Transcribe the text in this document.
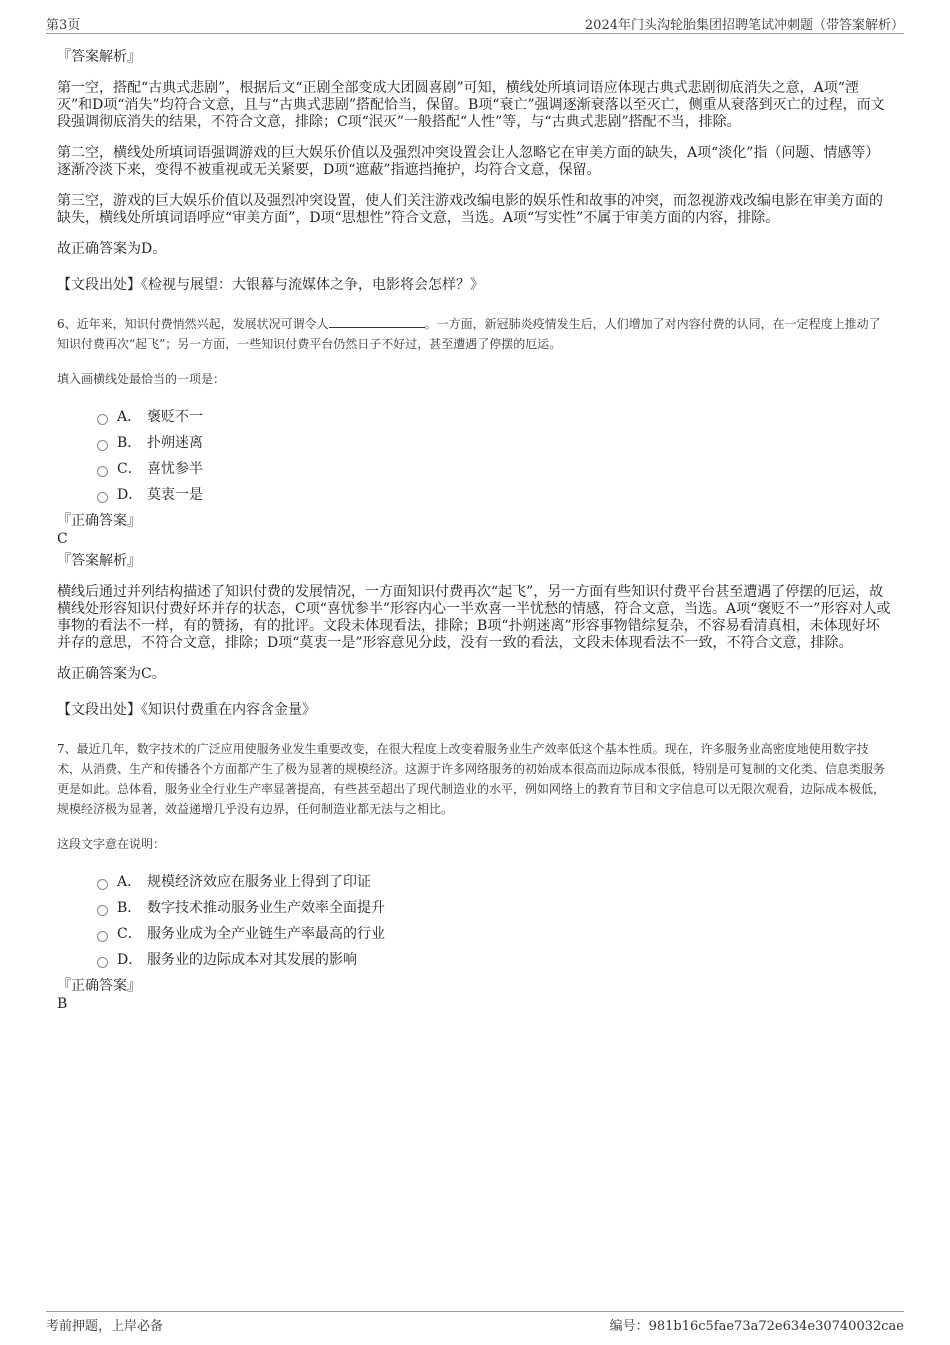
第3页	2024年门头沟轮胎集团招聘笔试冲刺题（带答案解析）
『答案解析』
第一空，搭配“古典式悲剧”，根据后文“正剧全部变成大团圆喜剧”可知，横线处所填词语应体现古典式悲剧彻底消失之意，A项“湮灭”和D项“消失”均符合文意，且与“古典式悲剧”搭配恰当，保留。B项“衰亡”强调逐渐衰落以至灭亡，侧重从衰落到灭亡的过程，而文段强调彻底消失的结果，不符合文意，排除；C项“泯灭”一般搭配“人性”等，与“古典式悲剧”搭配不当，排除。
第二空，横线处所填词语强调游戏的巨大娱乐价值以及强烈冲突设置会让人忽略它在审美方面的缺失，A项“淡化”指（问题、情感等）逐渐冷淡下来，变得不被重视或无关紧要，D项“遮蔽”指遮挡掩护，均符合文意，保留。
第三空，游戏的巨大娱乐价值以及强烈冲突设置，使人们关注游戏改编电影的娱乐性和故事的冲突，而忽视游戏改编电影在审美方面的缺失，横线处所填词语呼应“审美方面”，D项“思想性”符合文意，当选。A项“写实性”不属于审美方面的内容，排除。
故正确答案为D。
【文段出处】《检视与展望：大银幕与流媒体之争，电影将会怎样？》
6、近年来，知识付费悄然兴起，发展状况可谓令人	。一方面，新冠肺炎疫情发生后，人们增加了对内容付费的认同，在一定程度上推动了知识付费再次“起飞”；另一方面，一些知识付费平台仍然日子不好过，甚至遭遇了停摆的厄运。
填入画横线处最恰当的一项是：
A． 褒贬不一
B． 扑朔迷离
C． 喜忧参半
D． 莫衷一是
『正确答案』
C
『答案解析』
横线后通过并列结构描述了知识付费的发展情况，一方面知识付费再次“起飞”，另一方面有些知识付费平台甚至遭遇了停摆的厄运，故横线处形容知识付费好坏并存的状态，C项“喜忧参半”形容内心一半欢喜一半忧愁的情感，符合文意，当选。A项“褒贬不一”形容对人或事物的看法不一样，有的赞扬，有的批评。文段未体现看法，排除；B项“扑朔迷离”形容事物错综复杂，不容易看清真相，未体现好坏并存的意思，不符合文意，排除；D项“莫衷一是”形容意见分歧，没有一致的看法，文段未体现看法不一致，不符合文意，排除。
故正确答案为C。
【文段出处】《知识付费重在内容含金量》
7、最近几年，数字技术的广泛应用使服务业发生重要改变，在很大程度上改变着服务业生产效率低这个基本性质。现在，许多服务业高密度地使用数字技术，从消费、生产和传播各个方面都产生了极为显著的规模经济。这源于许多网络服务的初始成本很高而边际成本很低，特别是可复制的文化类、信息类服务更是如此。总体看，服务业全行业生产率显著提高，有些甚至超出了现代制造业的水平，例如网络上的教育节目和文字信息可以无限次观看，边际成本极低，规模经济极为显著，效益递增几乎没有边界，任何制造业都无法与之相比。
这段文字意在说明：
A． 规模经济效应在服务业上得到了印证
B． 数字技术推动服务业生产效率全面提升
C． 服务业成为全产业链生产率最高的行业
D． 服务业的边际成本对其发展的影响
『正确答案』
B
考前押题，上岸必备	编号：981b16c5fae73a72e634e30740032cae
